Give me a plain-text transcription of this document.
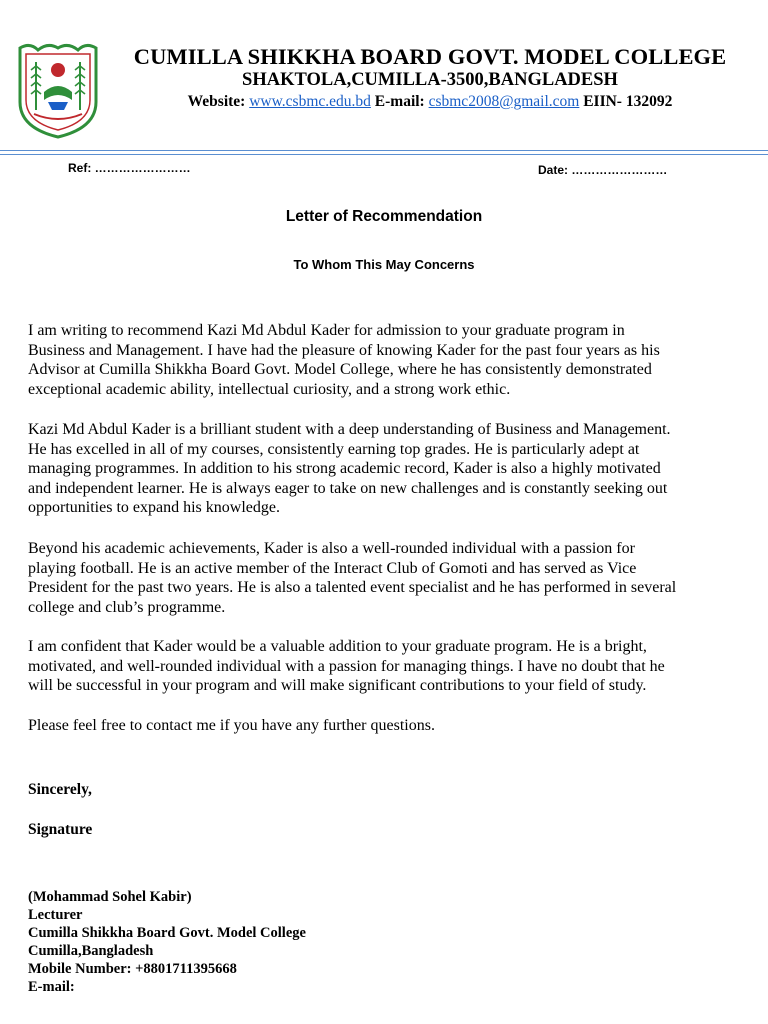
CUMILLA SHIKKHA BOARD GOVT. MODEL COLLEGE
SHAKTOLA,CUMILLA-3500,BANGLADESH
Website: www.csbmc.edu.bd E-mail: csbmc2008@gmail.com EIIN- 132092
Ref: ……………………	Date: ……………………
Letter of Recommendation
To Whom This May Concerns
I am writing to recommend Kazi Md Abdul Kader for admission to your graduate program in
Business and Management. I have had the pleasure of knowing Kader for the past four years as his
Advisor at Cumilla Shikkha Board Govt. Model College, where he has consistently demonstrated
exceptional academic ability, intellectual curiosity, and a strong work ethic.
Kazi Md Abdul Kader is a brilliant student with a deep understanding of Business and Management.
He has excelled in all of my courses, consistently earning top grades. He is particularly adept at
managing programmes. In addition to his strong academic record, Kader is also a highly motivated
and independent learner. He is always eager to take on new challenges and is constantly seeking out
opportunities to expand his knowledge.
Beyond his academic achievements, Kader is also a well-rounded individual with a passion for
playing football. He is an active member of the Interact Club of Gomoti and has served as Vice
President for the past two years. He is also a talented event specialist and he has performed in several
college and club’s programme.
I am confident that Kader would be a valuable addition to your graduate program. He is a bright,
motivated, and well-rounded individual with a passion for managing things. I have no doubt that he
will be successful in your program and will make significant contributions to your field of study.
Please feel free to contact me if you have any further questions.
Sincerely,
Signature
(Mohammad Sohel Kabir)
Lecturer
Cumilla Shikkha Board Govt. Model College
Cumilla,Bangladesh
Mobile Number: +8801711395668
E-mail:
